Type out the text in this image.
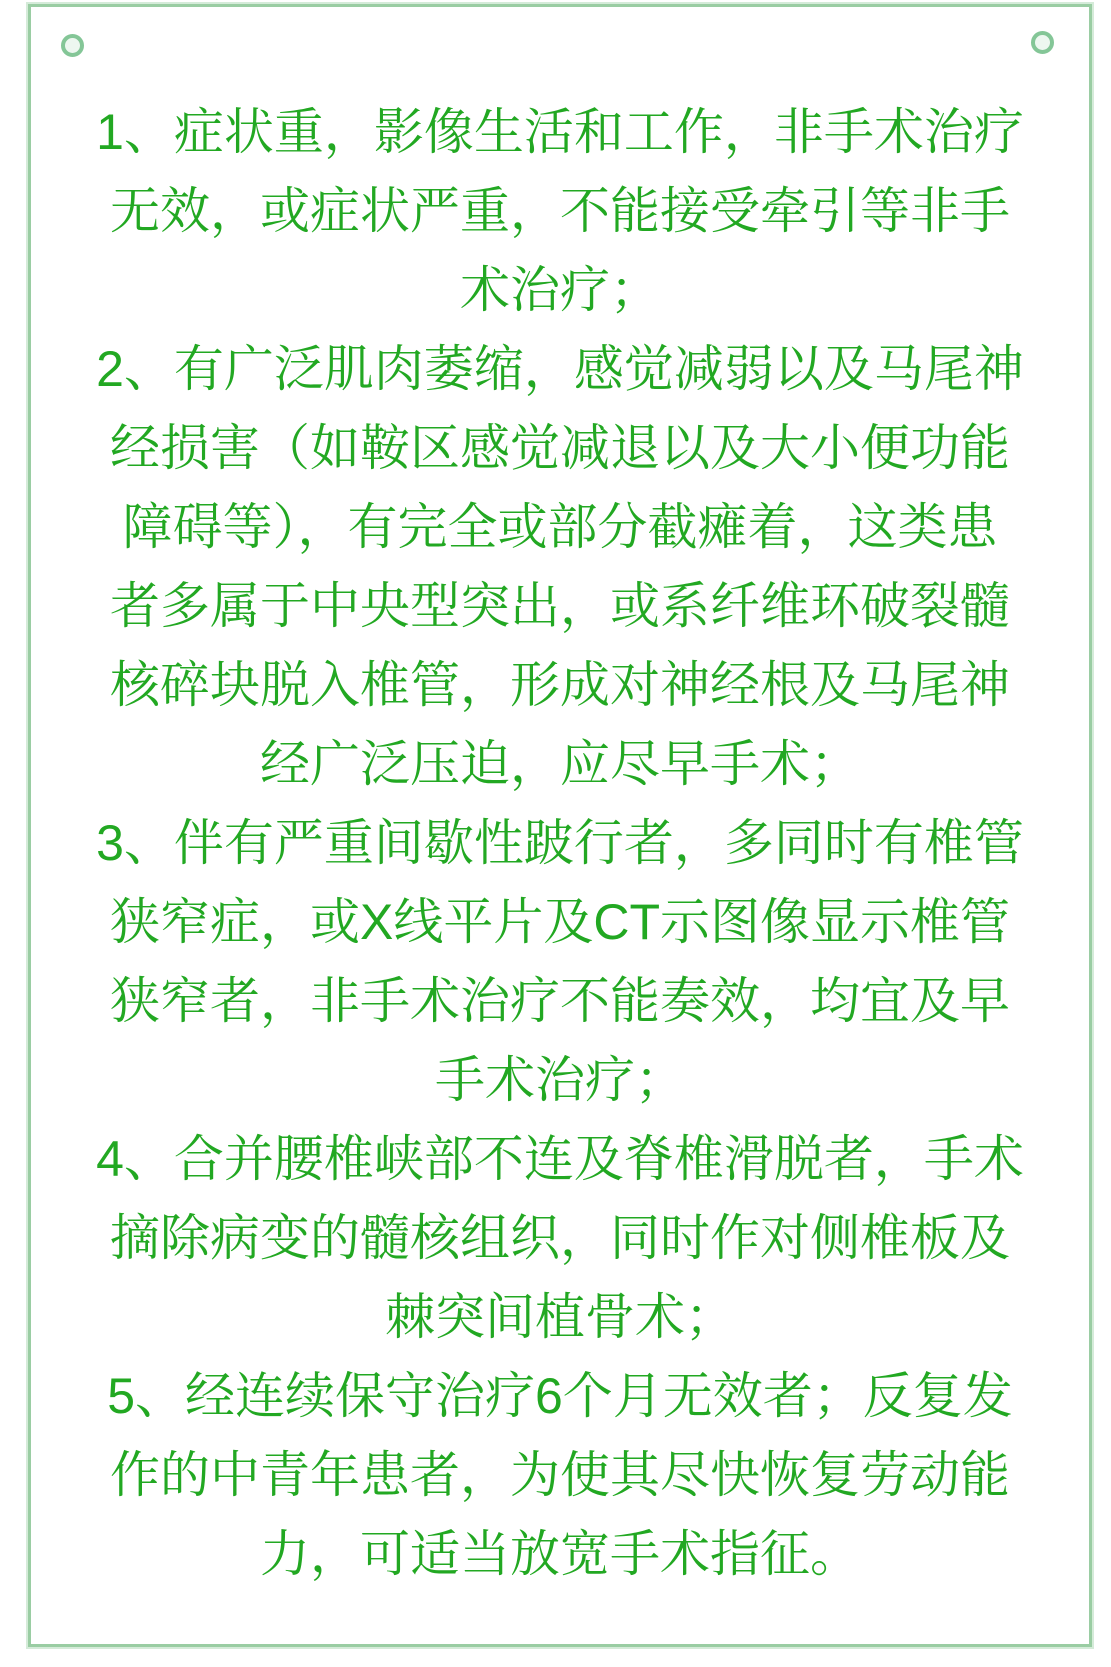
1、症状重，影像生活和工作，非手术治疗
无效，或症状严重，不能接受牵引等非手
术治疗；
2、有广泛肌肉萎缩，感觉减弱以及马尾神
经损害（如鞍区感觉减退以及大小便功能
障碍等），有完全或部分截瘫着，这类患
者多属于中央型突出，或系纤维环破裂髓
核碎块脱入椎管，形成对神经根及马尾神
经广泛压迫，应尽早手术；
3、伴有严重间歇性跛行者，多同时有椎管
狭窄症，或X线平片及CT示图像显示椎管
狭窄者，非手术治疗不能奏效，均宜及早
手术治疗；
4、合并腰椎峡部不连及脊椎滑脱者，手术
摘除病变的髓核组织，同时作对侧椎板及
棘突间植骨术；
5、经连续保守治疗6个月无效者；反复发
作的中青年患者，为使其尽快恢复劳动能
力，可适当放宽手术指征。
